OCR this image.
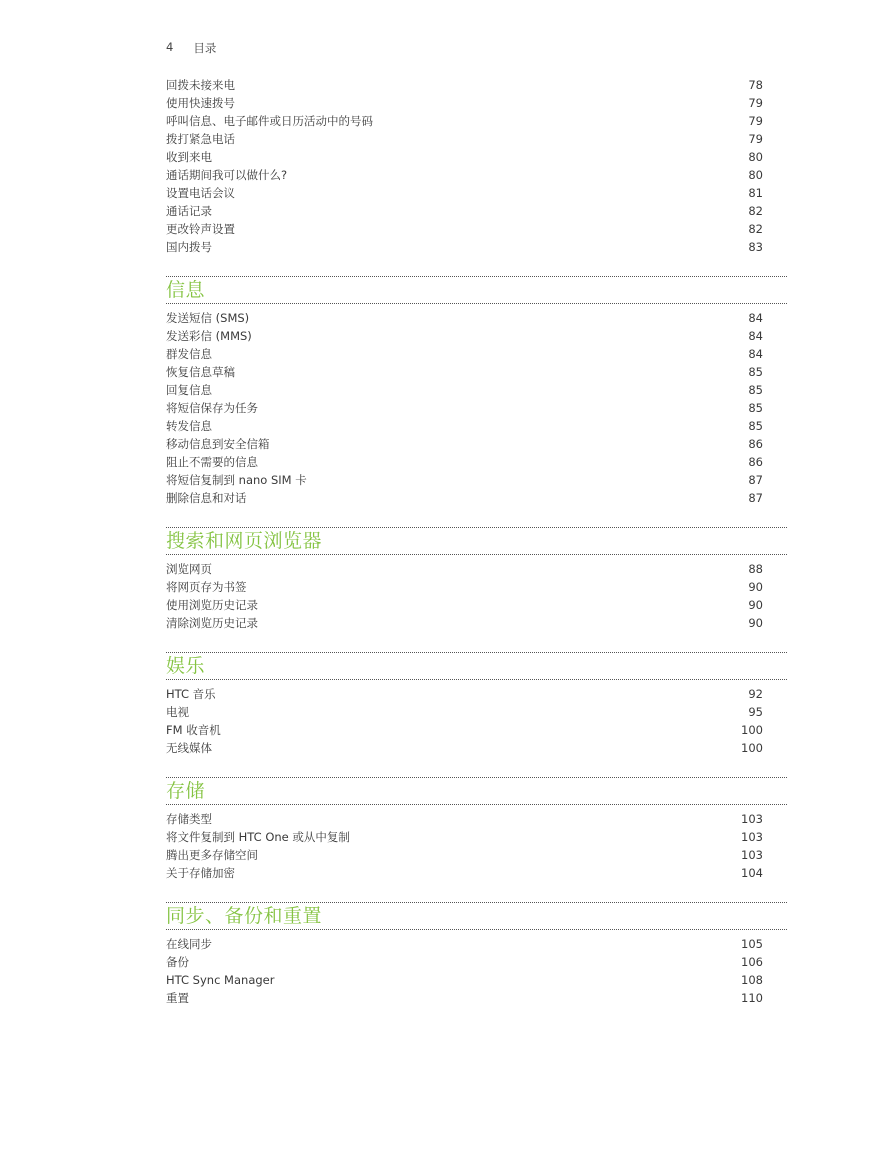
4 目录
回拨未接来电	78
使用快速拨号	79
呼叫信息、电子邮件或日历活动中的号码	79
拨打紧急电话	79
收到来电	80
通话期间我可以做什么?	80
设置电话会议	81
通话记录	82
更改铃声设置	82
国内拨号	83
信息
发送短信 (SMS)	84
发送彩信 (MMS)	84
群发信息	84
恢复信息草稿	85
回复信息	85
将短信保存为任务	85
转发信息	85
移动信息到安全信箱	86
阻止不需要的信息	86
将短信复制到 nano SIM 卡	87
删除信息和对话	87
搜索和网页浏览器
浏览网页	88
将网页存为书签	90
使用浏览历史记录	90
清除浏览历史记录	90
娱乐
HTC 音乐	92
电视	95
FM 收音机	100
无线媒体	100
存储
存储类型	103
将文件复制到 HTC One 或从中复制	103
腾出更多存储空间	103
关于存储加密	104
同步、备份和重置
在线同步	105
备份	106
HTC Sync Manager	108
重置	110
